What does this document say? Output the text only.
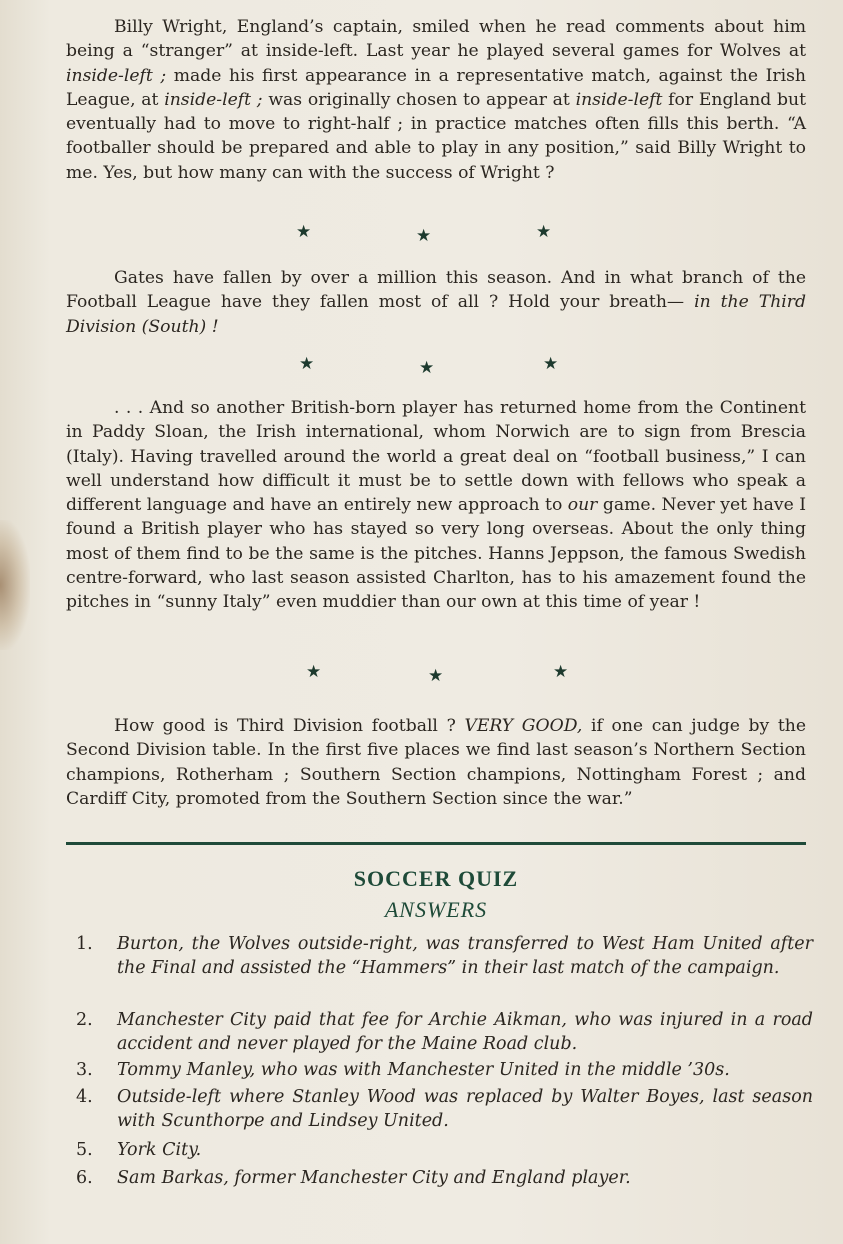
Billy Wright, England’s captain, smiled when he read comments about him being a “stranger” at inside-left. Last year he played several games for Wolves at inside-left ; made his first appearance in a representative match, against the Irish League, at inside-left ; was originally chosen to appear at inside-left for England but eventually had to move to right-half ; in practice matches often fills this berth. “A footballer should be prepared and able to play in any position,” said Billy Wright to me. Yes, but how many can with the success of Wright ?

★	★	★

Gates have fallen by over a million this season. And in what branch of the Football League have they fallen most of all ? Hold your breath— in the Third Division (South) !

★	★	★

. . . And so another British-born player has returned home from the Continent in Paddy Sloan, the Irish international, whom Norwich are to sign from Brescia (Italy). Having travelled around the world a great deal on “football business,” I can well understand how difficult it must be to settle down with fellows who speak a different language and have an entirely new approach to our game. Never yet have I found a British player who has stayed so very long overseas. About the only thing most of them find to be the same is the pitches. Hanns Jeppson, the famous Swedish centre-forward, who last season assisted Charlton, has to his amazement found the pitches in “sunny Italy” even muddier than our own at this time of year !

★	★	★

How good is Third Division football ? VERY GOOD, if one can judge by the Second Division table. In the first five places we find last season’s Northern Section champions, Rotherham ; Southern Section champions, Nottingham Forest ; and Cardiff City, promoted from the Southern Section since the war.”

SOCCER QUIZ
ANSWERS
1. Burton, the Wolves outside-right, was transferred to West Ham United after the Final and assisted the “Hammers” in their last match of the campaign.
2. Manchester City paid that fee for Archie Aikman, who was injured in a road accident and never played for the Maine Road club.
3. Tommy Manley, who was with Manchester United in the middle ’30s.
4. Outside-left where Stanley Wood was replaced by Walter Boyes, last season with Scunthorpe and Lindsey United.
5. York City.
6. Sam Barkas, former Manchester City and England player.
